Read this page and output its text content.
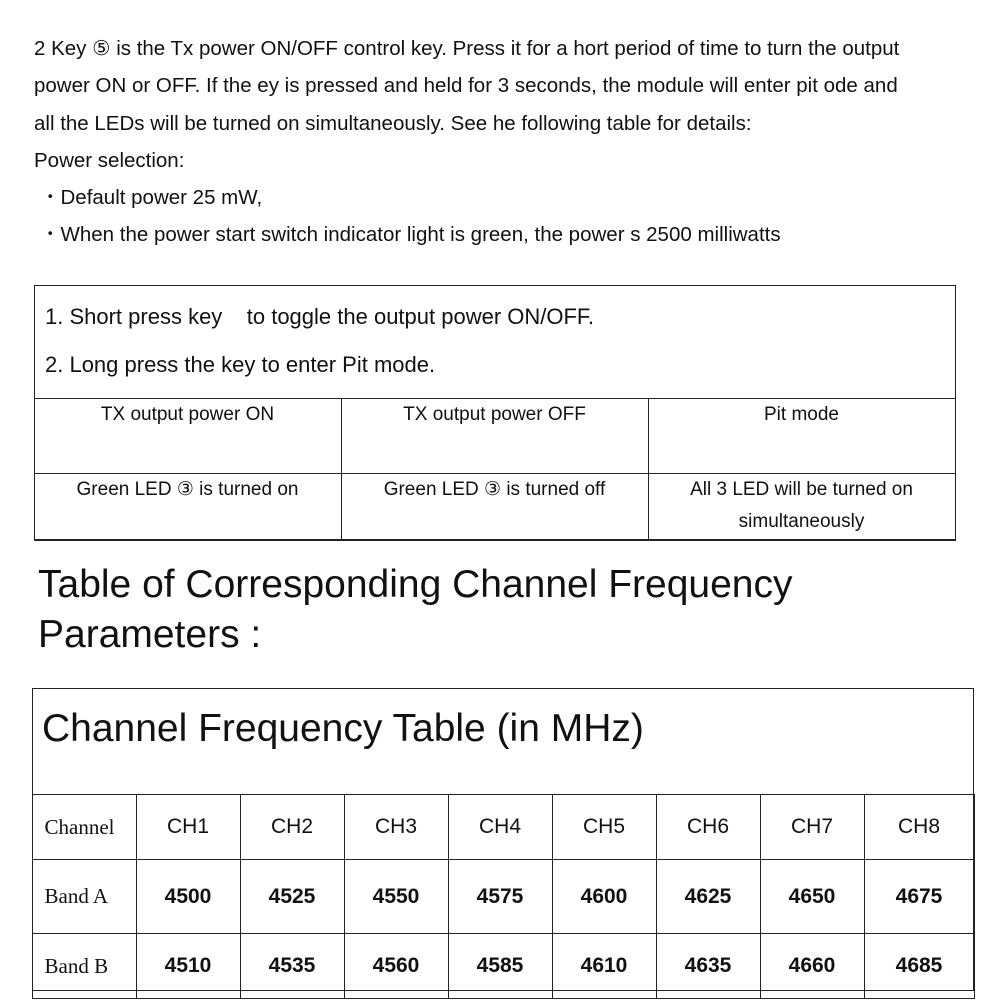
2 Key ⑤ is the Tx power ON/OFF control key. Press it for a hort period of time to turn the output

power ON or OFF. If the ey is pressed and held for 3 seconds, the module will enter pit ode and

all the LEDs will be turned on simultaneously. See he following table for details:

Power selection:

・Default power 25 mW,

・When the power start switch indicator light is green, the power s 2500 milliwatts

1. Short press key    to toggle the output power ON/OFF.
2. Long press the key to enter Pit mode.
TX output power ON	TX output power OFF	Pit mode
Green LED ③ is turned on	Green LED ③ is turned off	All 3 LED will be turned on simultaneously
Table of Corresponding Channel Frequency Parameters :
Channel Frequency Table (in MHz)
Channel	CH1	CH2	CH3	CH4	CH5	CH6	CH7	CH8
Band A	4500	4525	4550	4575	4600	4625	4650	4675
Band B	4510	4535	4560	4585	4610	4635	4660	4685
